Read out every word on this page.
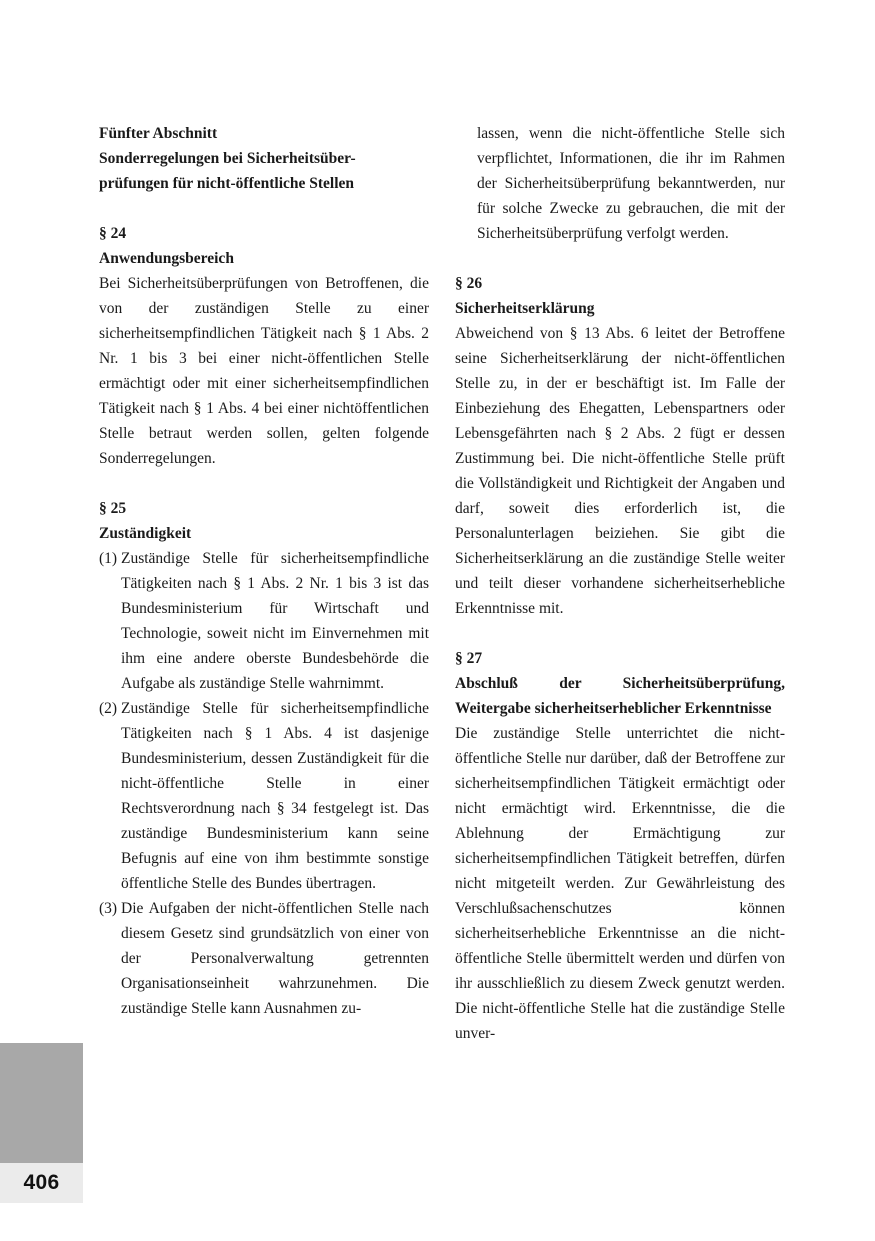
406
Fünfter Abschnitt
Sonderregelungen bei Sicherheitsüber-
prüfungen für nicht-öffentliche Stellen
§ 24
Anwendungsbereich

Bei Sicherheitsüberprüfungen von Betroffenen, die von der zuständigen Stelle zu einer sicherheitsempfindlichen Tätigkeit nach § 1 Abs. 2 Nr. 1 bis 3 bei einer nicht-öffentlichen Stelle ermächtigt oder mit einer sicherheitsempfindlichen Tätigkeit nach § 1 Abs. 4 bei einer nichtöffentlichen Stelle betraut werden sollen, gelten folgende Sonderregelungen.

§ 25
Zuständigkeit
(1) Zuständige Stelle für sicherheitsempfindliche Tätigkeiten nach § 1 Abs. 2 Nr. 1 bis 3 ist das Bundesministerium für Wirtschaft und Technologie, soweit nicht im Einvernehmen mit ihm eine andere oberste Bundesbehörde die Aufgabe als zuständige Stelle wahrnimmt.
(2) Zuständige Stelle für sicherheitsempfindliche Tätigkeiten nach § 1 Abs. 4 ist dasjenige Bundesministerium, dessen Zuständigkeit für die nicht-öffentliche Stelle in einer Rechtsverordnung nach § 34 festgelegt ist. Das zuständige Bundesministerium kann seine Befugnis auf eine von ihm bestimmte sonstige öffentliche Stelle des Bundes übertragen.
(3) Die Aufgaben der nicht-öffentlichen Stelle nach diesem Gesetz sind grundsätzlich von einer von der Personalverwaltung getrennten Organisationseinheit wahrzunehmen. Die zuständige Stelle kann Ausnahmen zu-

lassen, wenn die nicht-öffentliche Stelle sich verpflichtet, Informationen, die ihr im Rahmen der Sicherheitsüberprüfung bekanntwerden, nur für solche Zwecke zu gebrauchen, die mit der Sicherheitsüberprüfung verfolgt werden.

§ 26
Sicherheitserklärung

Abweichend von § 13 Abs. 6 leitet der Betroffene seine Sicherheitserklärung der nicht-öffentlichen Stelle zu, in der er beschäftigt ist. Im Falle der Einbeziehung des Ehegatten, Lebenspartners oder Lebensgefährten nach § 2 Abs. 2 fügt er dessen Zustimmung bei. Die nicht-öffentliche Stelle prüft die Vollständigkeit und Richtigkeit der Angaben und darf, soweit dies erforderlich ist, die Personalunterlagen beiziehen. Sie gibt die Sicherheitserklärung an die zuständige Stelle weiter und teilt dieser vorhandene sicherheitserhebliche Erkenntnisse mit.

§ 27
Abschluß der Sicherheitsüberprüfung, Weitergabe sicherheitserheblicher Erkenntnisse

Die zuständige Stelle unterrichtet die nicht-öffentliche Stelle nur darüber, daß der Betroffene zur sicherheitsempfindlichen Tätigkeit ermächtigt oder nicht ermächtigt wird. Erkenntnisse, die die Ablehnung der Ermächtigung zur sicherheitsempfindlichen Tätigkeit betreffen, dürfen nicht mitgeteilt werden. Zur Gewährleistung des Verschlußsachenschutzes können sicherheitserhebliche Erkenntnisse an die nicht-öffentliche Stelle übermittelt werden und dürfen von ihr ausschließlich zu diesem Zweck genutzt werden. Die nicht-öffentliche Stelle hat die zuständige Stelle unver-
